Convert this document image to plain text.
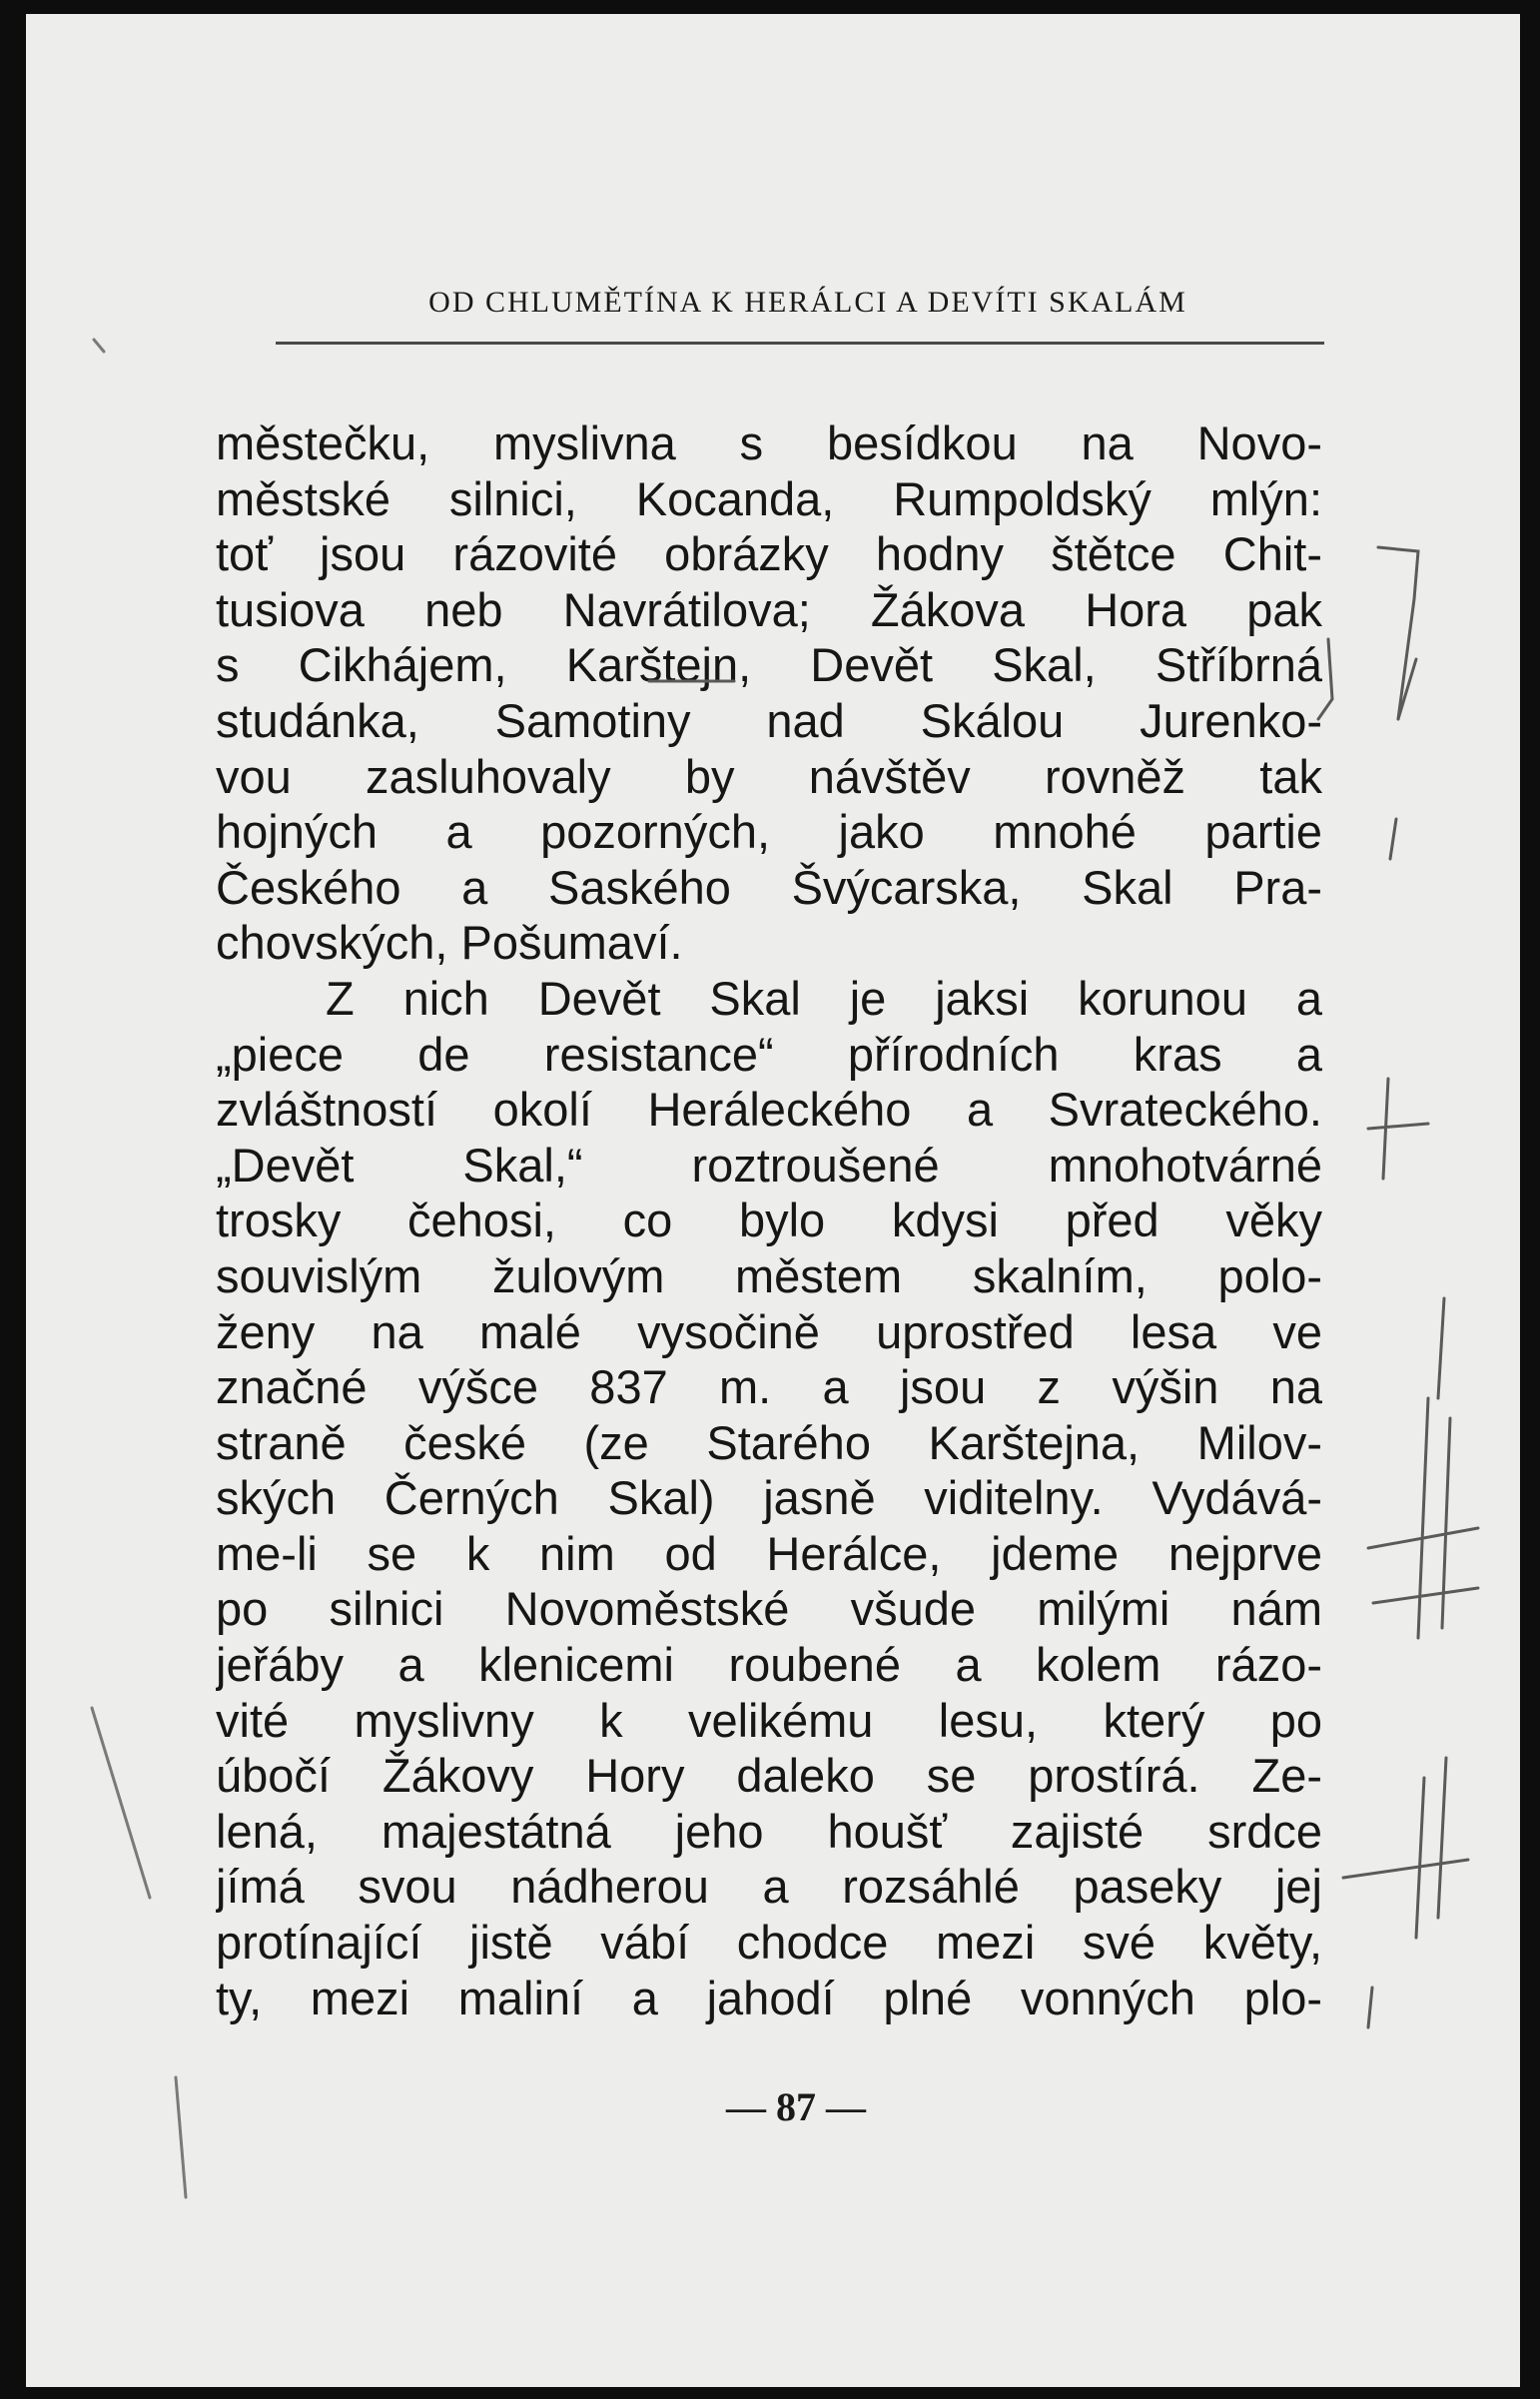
OD CHLUMĚTÍNA K HERÁLCI A DEVÍTI SKALÁM
městečku, myslivna s besídkou na Novo-
městské silnici, Kocanda, Rumpoldský mlýn:
toť jsou rázovité obrázky hodny štětce Chit-
tusiova neb Navrátilova; Žákova Hora pak
s Cikhájem, Karštejn, Devět Skal, Stříbrná
studánka, Samotiny nad Skálou Jurenko-
vou zasluhovaly by návštěv rovněž tak
hojných a pozorných, jako mnohé partie
Českého a Saského Švýcarska, Skal Pra-
chovských, Pošumaví.
Z nich Devět Skal je jaksi korunou a
„piece de resistance“ přírodních kras a
zvláštností okolí Heráleckého a Svrateckého.
„Devět Skal,“ roztroušené mnohotvárné
trosky čehosi, co bylo kdysi před věky
souvislým žulovým městem skalním, polo-
ženy na malé vysočině uprostřed lesa ve
značné výšce 837 m. a jsou z výšin na
straně české (ze Starého Karštejna, Milov-
ských Černých Skal) jasně viditelny. Vydává-
me-li se k nim od Herálce, jdeme nejprve
po silnici Novoměstské všude milými nám
jeřáby a klenicemi roubené a kolem rázo-
vité myslivny k velikému lesu, který po
úbočí Žákovy Hory daleko se prostírá. Ze-
lená, majestátná jeho houšť zajisté srdce
jímá svou nádherou a rozsáhlé paseky jej
protínající jistě vábí chodce mezi své květy,
ty, mezi maliní a jahodí plné vonných plo-
— 87 —
